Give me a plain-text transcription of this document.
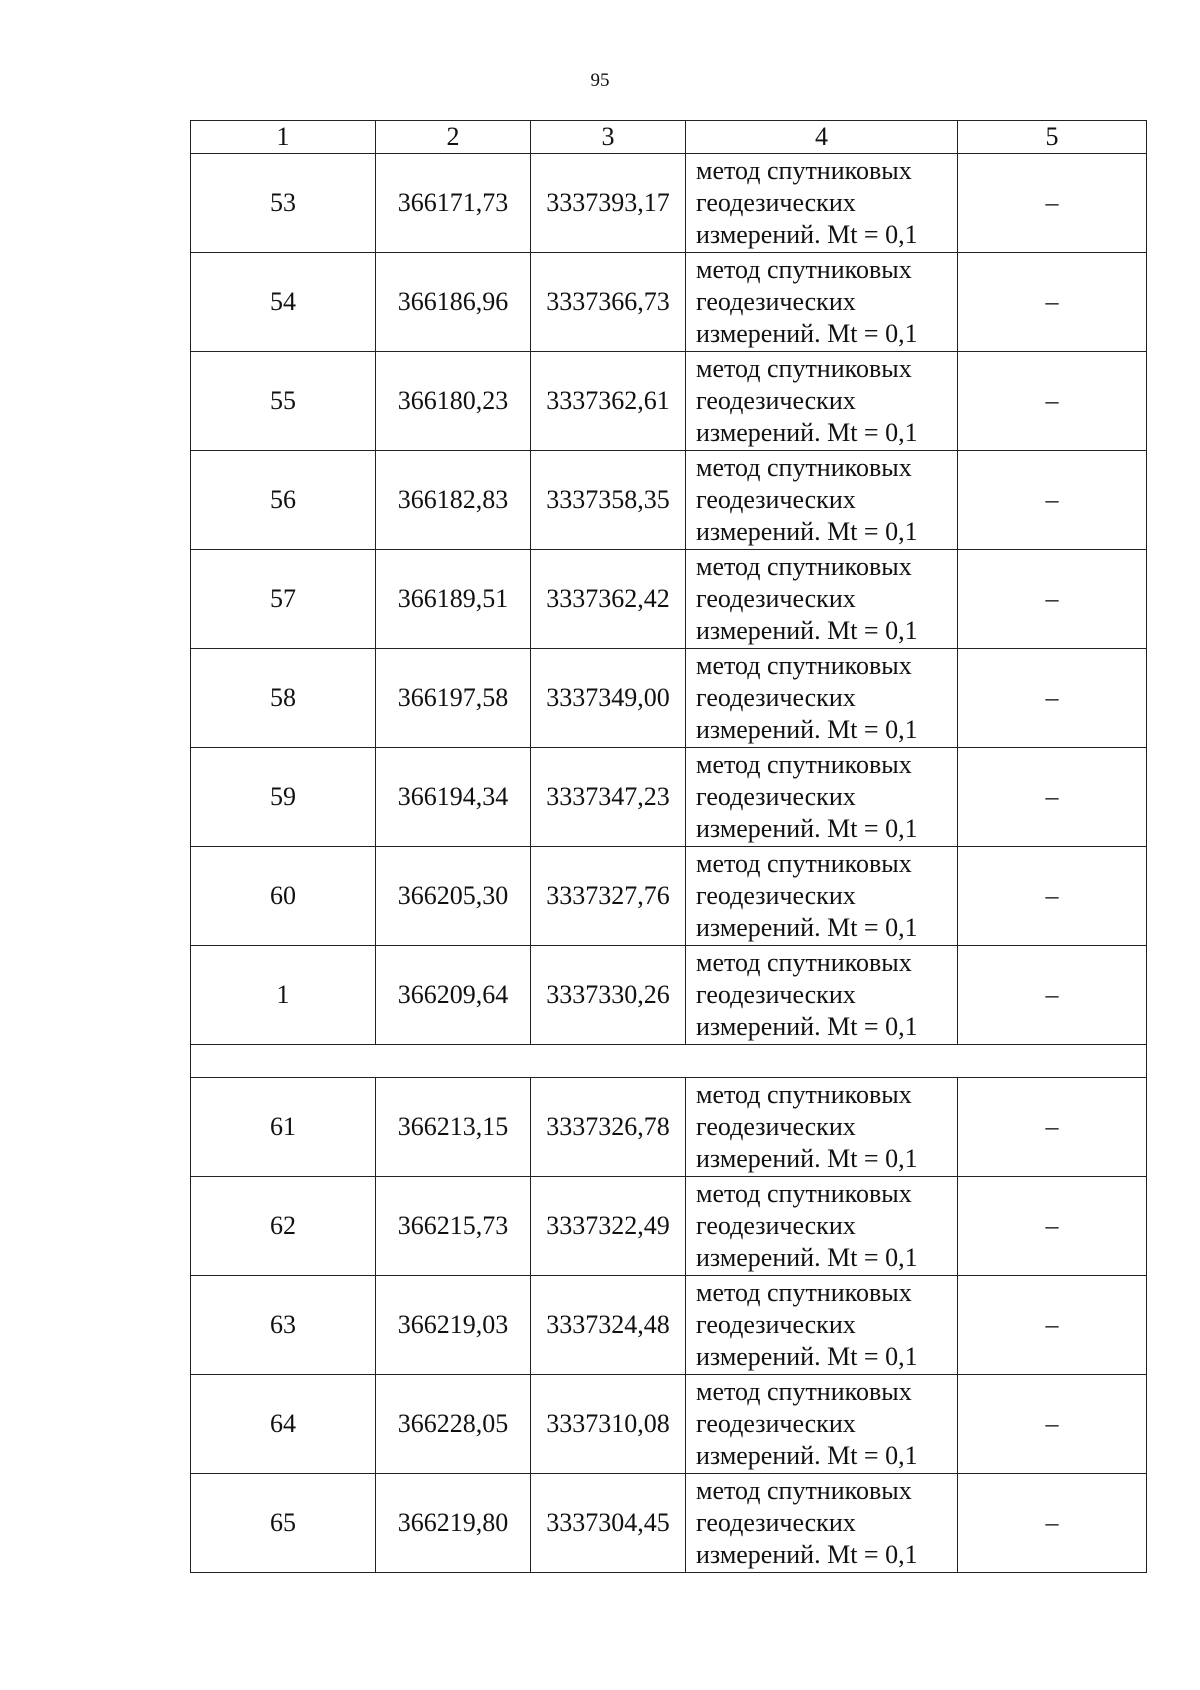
95
1	2	3	4	5
53	366171,73	3337393,17	метод спутниковых
геодезических
измерений. Mt = 0,1	–
54	366186,96	3337366,73	метод спутниковых
геодезических
измерений. Mt = 0,1	–
55	366180,23	3337362,61	метод спутниковых
геодезических
измерений. Mt = 0,1	–
56	366182,83	3337358,35	метод спутниковых
геодезических
измерений. Mt = 0,1	–
57	366189,51	3337362,42	метод спутниковых
геодезических
измерений. Mt = 0,1	–
58	366197,58	3337349,00	метод спутниковых
геодезических
измерений. Mt = 0,1	–
59	366194,34	3337347,23	метод спутниковых
геодезических
измерений. Mt = 0,1	–
60	366205,30	3337327,76	метод спутниковых
геодезических
измерений. Mt = 0,1	–
1	366209,64	3337330,26	метод спутниковых
геодезических
измерений. Mt = 0,1	–

61	366213,15	3337326,78	метод спутниковых
геодезических
измерений. Mt = 0,1	–
62	366215,73	3337322,49	метод спутниковых
геодезических
измерений. Mt = 0,1	–
63	366219,03	3337324,48	метод спутниковых
геодезических
измерений. Mt = 0,1	–
64	366228,05	3337310,08	метод спутниковых
геодезических
измерений. Mt = 0,1	–
65	366219,80	3337304,45	метод спутниковых
геодезических
измерений. Mt = 0,1	–
